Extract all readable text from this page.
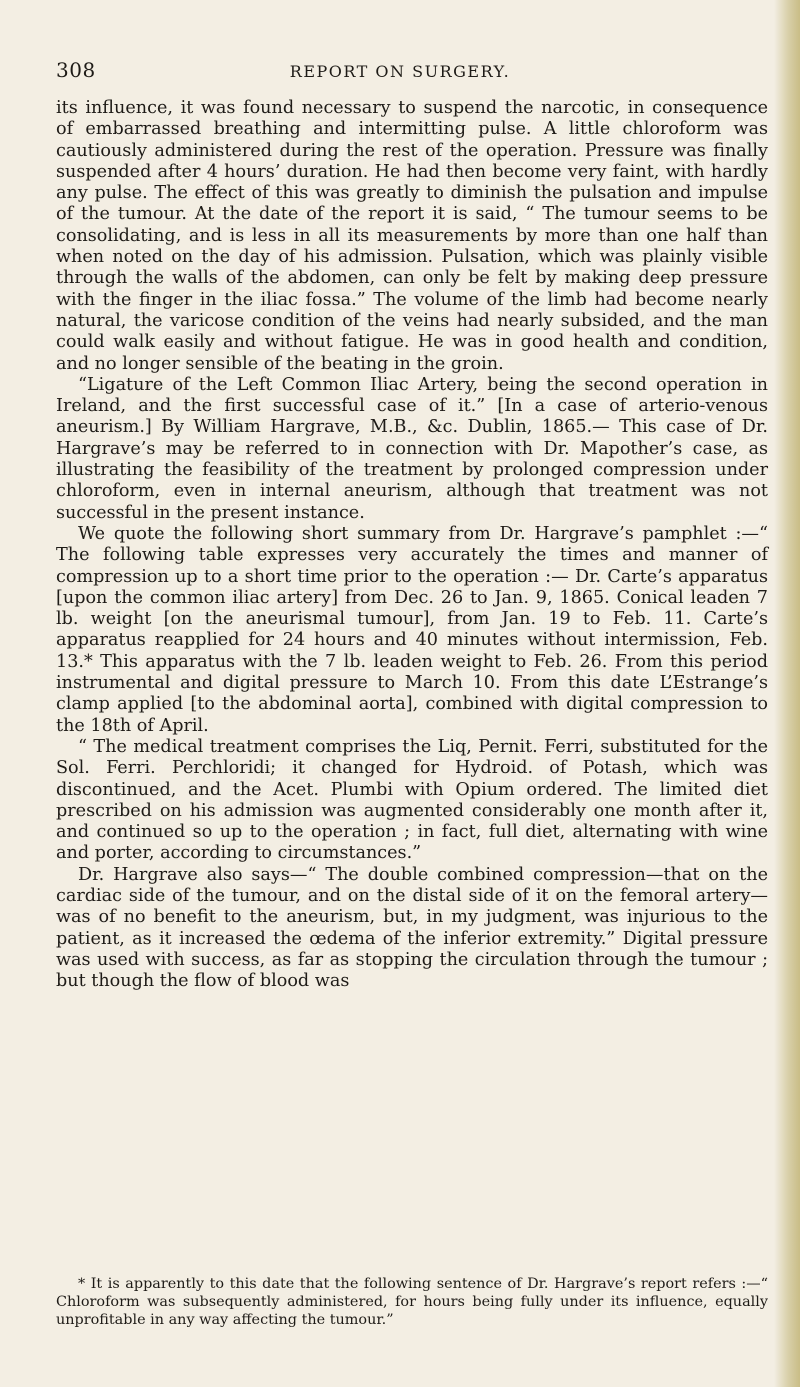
308	REPORT ON SURGERY.

its influence, it was found necessary to suspend the narcotic, in consequence of embarrassed breathing and intermitting pulse. A little chloroform was cautiously administered during the rest of the operation. Pressure was finally suspended after 4 hours’ duration. He had then become very faint, with hardly any pulse. The effect of this was greatly to diminish the pulsation and impulse of the tumour. At the date of the report it is said, “ The tumour seems to be consolidating, and is less in all its measurements by more than one half than when noted on the day of his admission. Pulsation, which was plainly visible through the walls of the abdomen, can only be felt by making deep pressure with the finger in the iliac fossa.” The volume of the limb had become nearly natural, the varicose condition of the veins had nearly subsided, and the man could walk easily and without fatigue. He was in good health and condition, and no longer sensible of the beating in the groin.

“Ligature of the Left Common Iliac Artery, being the second operation in Ireland, and the first successful case of it.” [In a case of arterio-venous aneurism.] By William Hargrave, M.B., &c. Dublin, 1865.— This case of Dr. Hargrave’s may be referred to in connection with Dr. Mapother’s case, as illustrating the feasibility of the treatment by prolonged compression under chloroform, even in internal aneurism, although that treatment was not successful in the present instance.

We quote the following short summary from Dr. Hargrave’s pamphlet :—“ The following table expresses very accurately the times and manner of compression up to a short time prior to the operation :— Dr. Carte’s apparatus [upon the common iliac artery] from Dec. 26 to Jan. 9, 1865. Conical leaden 7 lb. weight [on the aneurismal tumour], from Jan. 19 to Feb. 11. Carte’s apparatus reapplied for 24 hours and 40 minutes without intermission, Feb. 13.* This apparatus with the 7 lb. leaden weight to Feb. 26. From this period instrumental and digital pressure to March 10. From this date L’Estrange’s clamp applied [to the abdominal aorta], combined with digital compression to the 18th of April.

“ The medical treatment comprises the Liq, Pernit. Ferri, substituted for the Sol. Ferri. Perchloridi; it changed for Hydroid. of Potash, which was discontinued, and the Acet. Plumbi with Opium ordered. The limited diet prescribed on his admission was augmented considerably one month after it, and continued so up to the operation ; in fact, full diet, alternating with wine and porter, according to circumstances.”

Dr. Hargrave also says—“ The double combined compression—that on the cardiac side of the tumour, and on the distal side of it on the femoral artery—was of no benefit to the aneurism, but, in my judgment, was injurious to the patient, as it increased the œdema of the inferior extremity.” Digital pressure was used with success, as far as stopping the circulation through the tumour ; but though the flow of blood was

* It is apparently to this date that the following sentence of Dr. Hargrave’s report refers :—“ Chloroform was subsequently administered, for hours being fully under its influence, equally unprofitable in any way affecting the tumour.”
